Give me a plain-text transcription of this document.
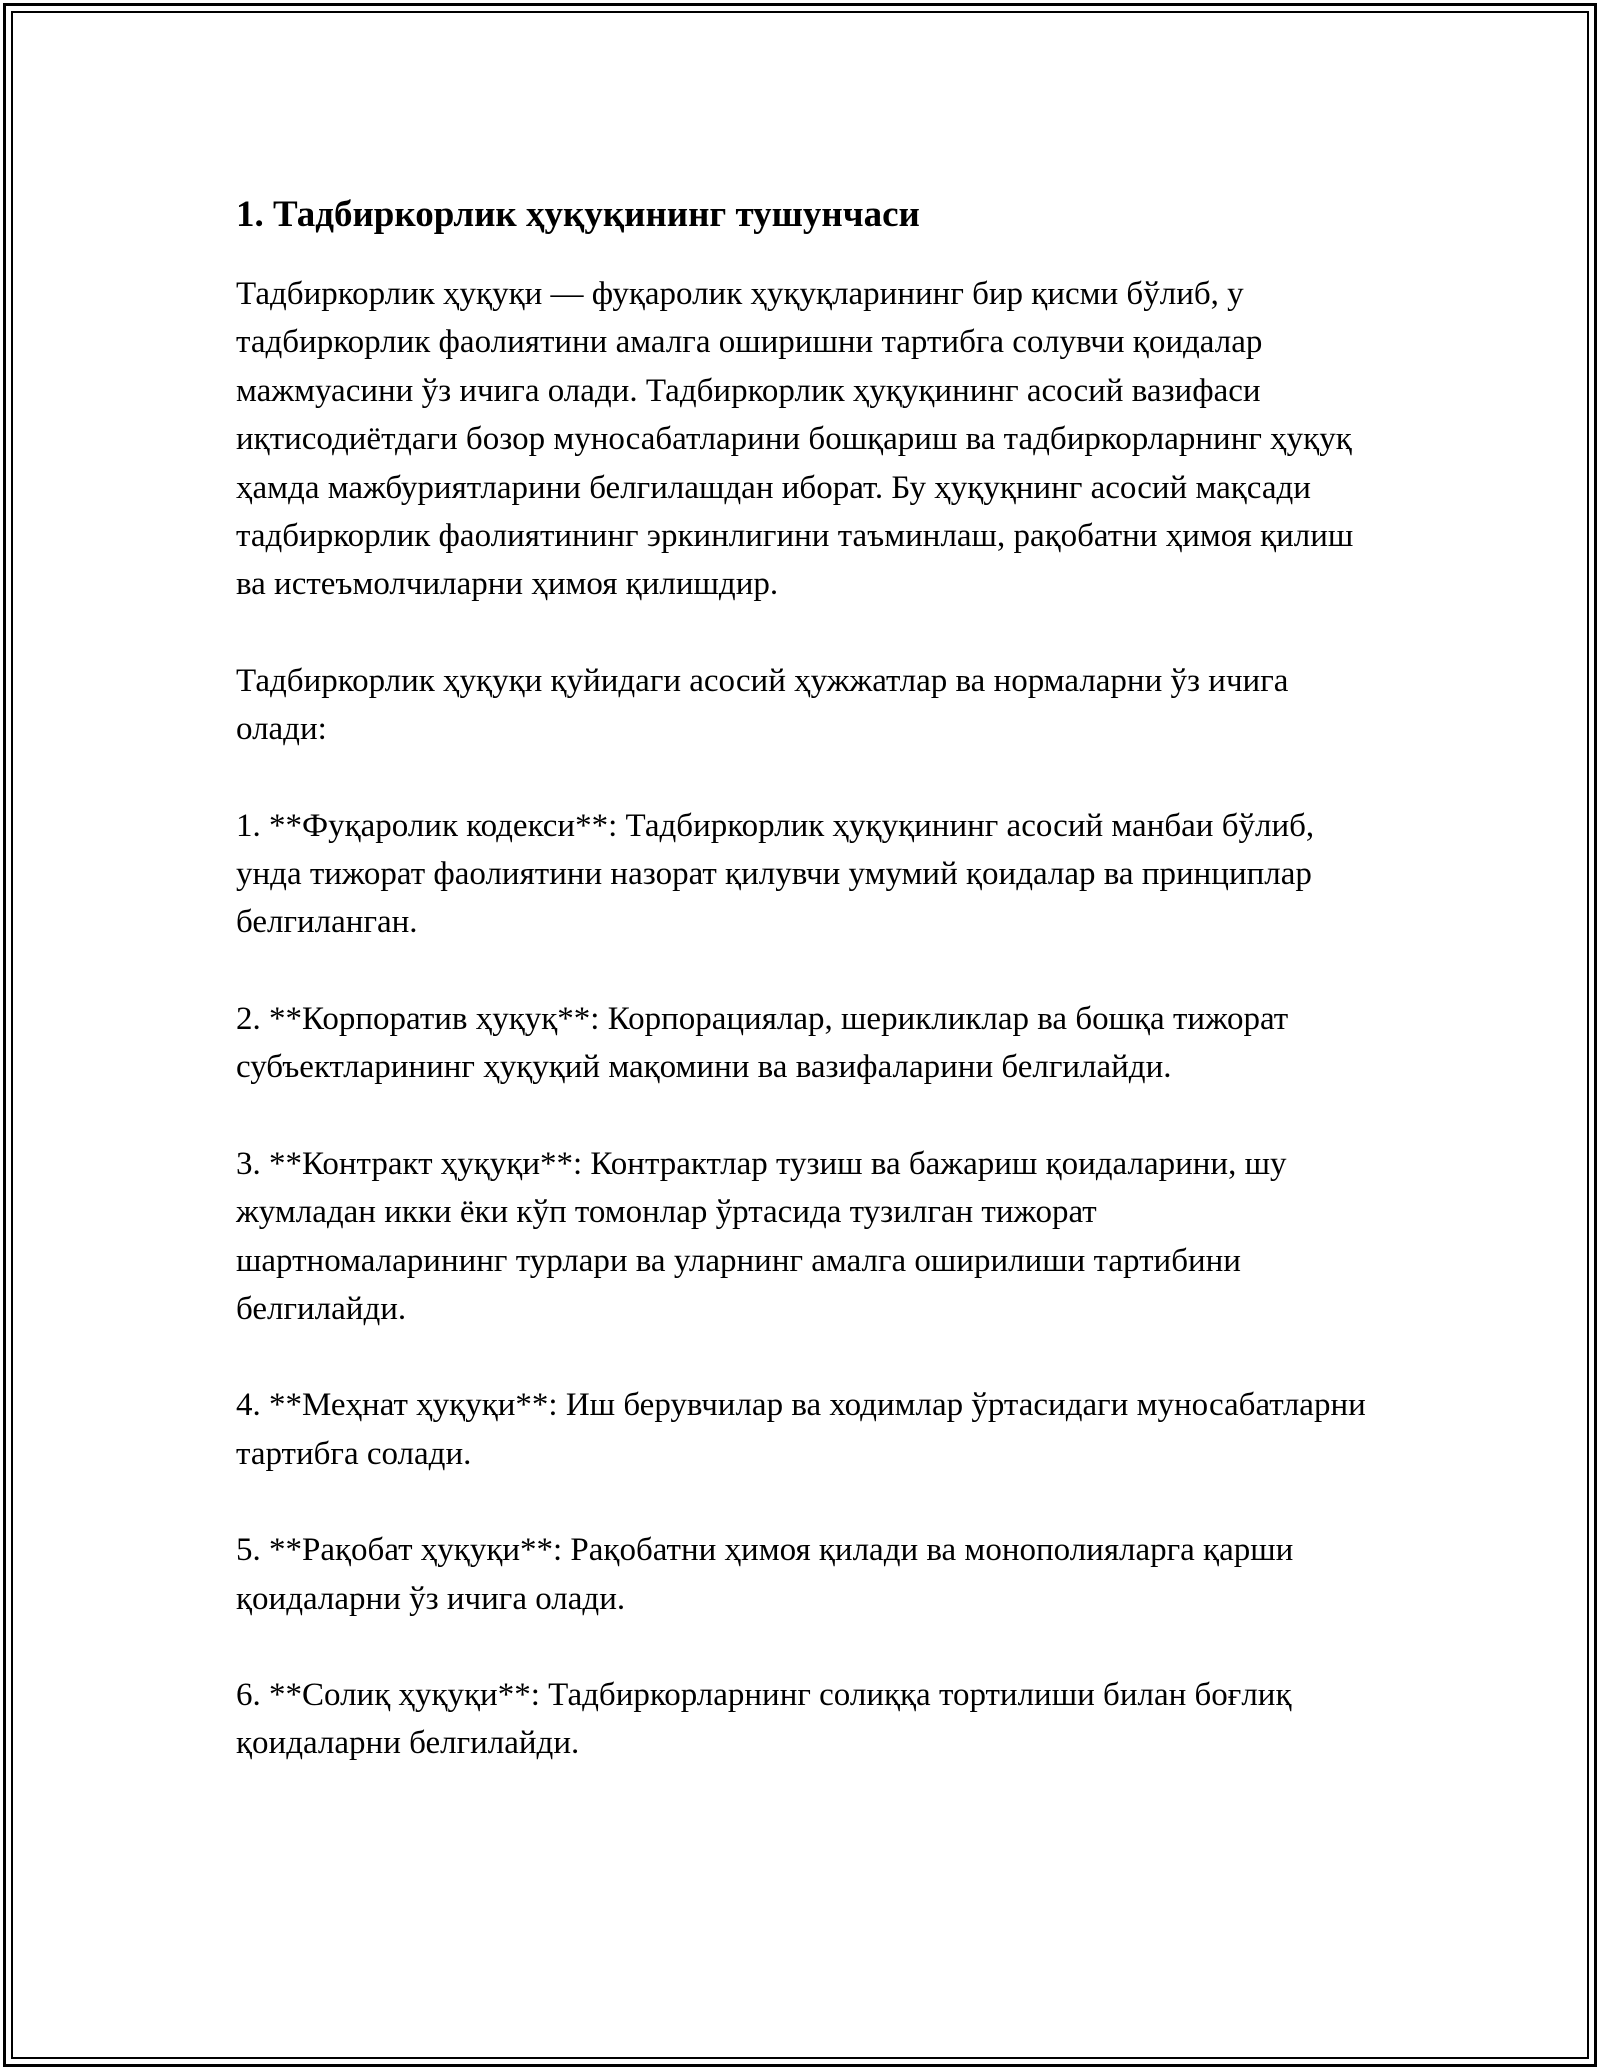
1. Тадбиркорлик ҳуқуқининг тушунчаси

Тадбиркорлик ҳуқуқи — фуқаролик ҳуқуқларининг бир қисми бўлиб, у тадбиркорлик фаолиятини амалга оширишни тартибга солувчи қоидалар мажмуасини ўз ичига олади. Тадбиркорлик ҳуқуқининг асосий вазифаси иқтисодиётдаги бозор муносабатларини бошқариш ва тадбиркорларнинг ҳуқуқ ҳамда мажбуриятларини белгилашдан иборат. Бу ҳуқуқнинг асосий мақсади тадбиркорлик фаолиятининг эркинлигини таъминлаш, рақобатни ҳимоя қилиш ва истеъмолчиларни ҳимоя қилишдир.

Тадбиркорлик ҳуқуқи қуйидаги асосий ҳужжатлар ва нормаларни ўз ичига олади:

1. **Фуқаролик кодекси**: Тадбиркорлик ҳуқуқининг асосий манбаи бўлиб, унда тижорат фаолиятини назорат қилувчи умумий қоидалар ва принциплар белгиланган.

2. **Корпоратив ҳуқуқ**: Корпорациялар, шерикликлар ва бошқа тижорат субъектларининг ҳуқуқий мақомини ва вазифаларини белгилайди.

3. **Контракт ҳуқуқи**: Контрактлар тузиш ва бажариш қоидаларини, шу жумладан икки ёки кўп томонлар ўртасида тузилган тижорат шартномаларининг турлари ва уларнинг амалга оширилиши тартибини белгилайди.

4. **Меҳнат ҳуқуқи**: Иш берувчилар ва ходимлар ўртасидаги муносабатларни тартибга солади.

5. **Рақобат ҳуқуқи**: Рақобатни ҳимоя қилади ва монополияларга қарши қоидаларни ўз ичига олади.

6. **Солиқ ҳуқуқи**: Тадбиркорларнинг солиққа тортилиши билан боғлиқ қоидаларни белгилайди.
